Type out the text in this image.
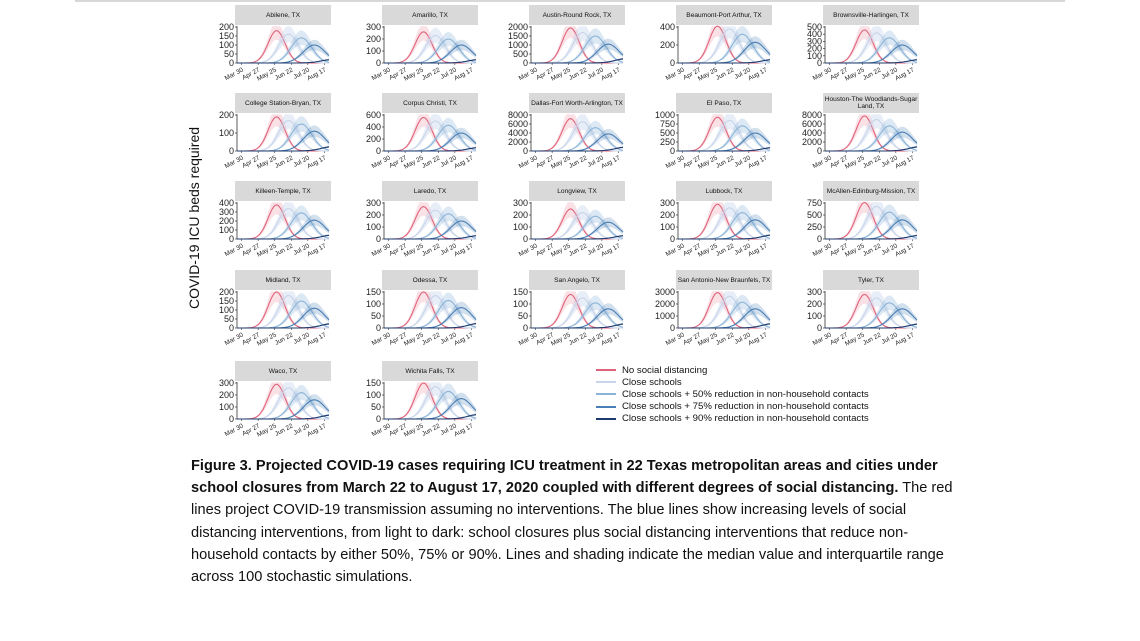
COVID-19 ICU beds required
Abilene, TX
0
50
100
150
200
Mar 30
Apr 27
May 25
Jun 22
Jul 20
Aug 17
Amarillo, TX
0
100
200
300
Mar 30
Apr 27
May 25
Jun 22
Jul 20
Aug 17
Austin-Round Rock, TX
0
500
1000
1500
2000
Mar 30
Apr 27
May 25
Jun 22
Jul 20
Aug 17
Beaumont-Port Arthur, TX
0
200
400
Mar 30
Apr 27
May 25
Jun 22
Jul 20
Aug 17
Brownsville-Harlingen, TX
0
100
200
300
400
500
Mar 30
Apr 27
May 25
Jun 22
Jul 20
Aug 17
College Station-Bryan, TX
0
100
200
Mar 30
Apr 27
May 25
Jun 22
Jul 20
Aug 17
Corpus Christi, TX
0
200
400
600
Mar 30
Apr 27
May 25
Jun 22
Jul 20
Aug 17
Dallas-Fort Worth-Arlington, TX
0
2000
4000
6000
8000
Mar 30
Apr 27
May 25
Jun 22
Jul 20
Aug 17
El Paso, TX
0
250
500
750
1000
Mar 30
Apr 27
May 25
Jun 22
Jul 20
Aug 17
Houston-The Woodlands-Sugar Land, TX
0
2000
4000
6000
8000
Mar 30
Apr 27
May 25
Jun 22
Jul 20
Aug 17
Killeen-Temple, TX
0
100
200
300
400
Mar 30
Apr 27
May 25
Jun 22
Jul 20
Aug 17
Laredo, TX
0
100
200
300
Mar 30
Apr 27
May 25
Jun 22
Jul 20
Aug 17
Longview, TX
0
100
200
300
Mar 30
Apr 27
May 25
Jun 22
Jul 20
Aug 17
Lubbock, TX
0
100
200
300
Mar 30
Apr 27
May 25
Jun 22
Jul 20
Aug 17
McAllen-Edinburg-Mission, TX
0
250
500
750
Mar 30
Apr 27
May 25
Jun 22
Jul 20
Aug 17
Midland, TX
0
50
100
150
200
Mar 30
Apr 27
May 25
Jun 22
Jul 20
Aug 17
Odessa, TX
0
50
100
150
Mar 30
Apr 27
May 25
Jun 22
Jul 20
Aug 17
San Angelo, TX
0
50
100
150
Mar 30
Apr 27
May 25
Jun 22
Jul 20
Aug 17
San Antonio-New Braunfels, TX
0
1000
2000
3000
Mar 30
Apr 27
May 25
Jun 22
Jul 20
Aug 17
Tyler, TX
0
100
200
300
Mar 30
Apr 27
May 25
Jun 22
Jul 20
Aug 17
Waco, TX
0
100
200
300
Mar 30
Apr 27
May 25
Jun 22
Jul 20
Aug 17
Wichita Falls, TX
0
50
100
150
Mar 30
Apr 27
May 25
Jun 22
Jul 20
Aug 17
No social distancing
Close schools
Close schools + 50% reduction in non-household contacts
Close schools + 75% reduction in non-household contacts
Close schools + 90% reduction in non-household contacts
Figure 3. Projected COVID-19 cases requiring ICU treatment in 22 Texas metropolitan areas and cities under school closures from March 22 to August 17, 2020 coupled with different degrees of social distancing. The red lines project COVID-19 transmission assuming no interventions. The blue lines show increasing levels of social distancing interventions, from light to dark: school closures plus social distancing interventions that reduce non-household contacts by either 50%, 75% or 90%. Lines and shading indicate the median value and interquartile range across 100 stochastic simulations.
